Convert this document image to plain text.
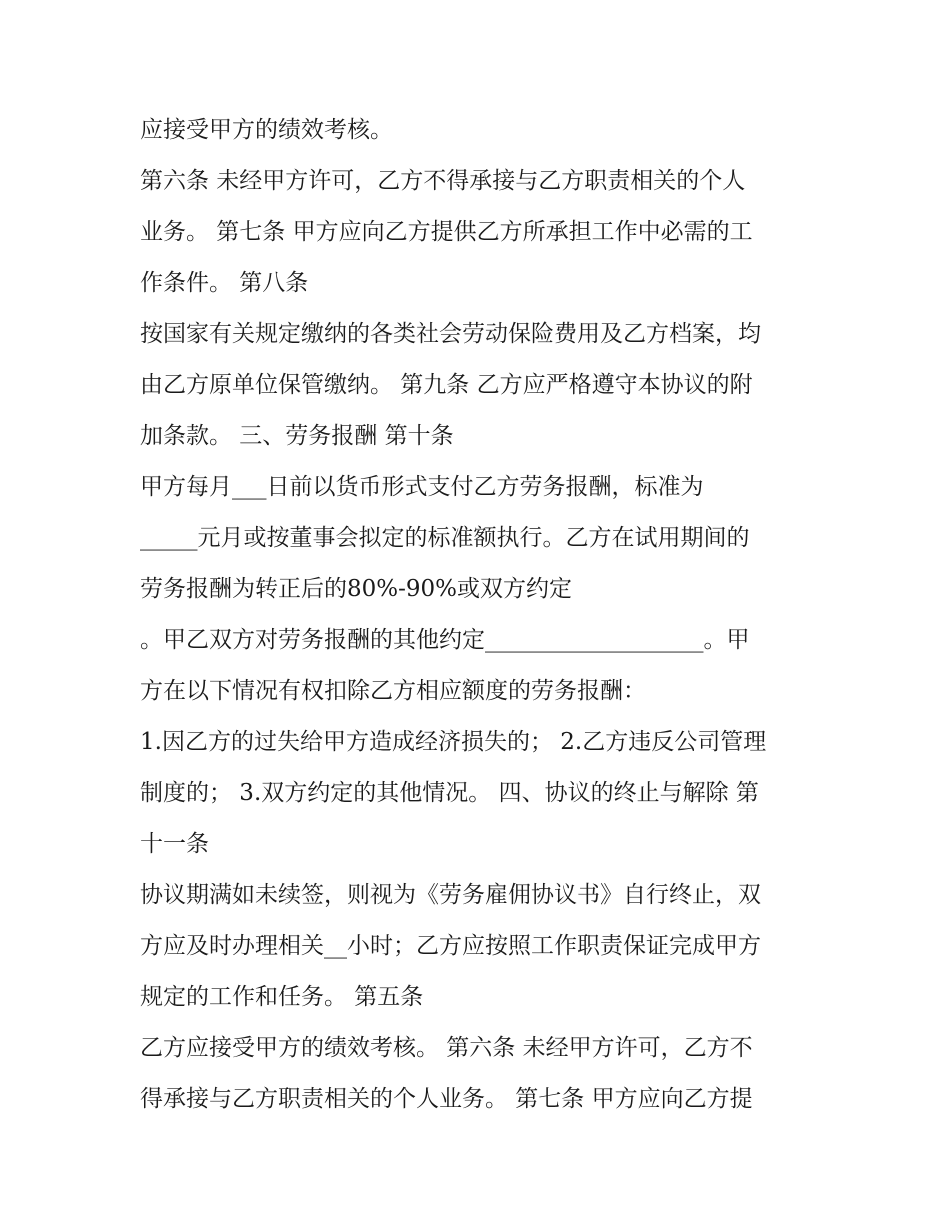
应接受甲方的绩效考核。
第六条 未经甲方许可，乙方不得承接与乙方职责相关的个人
业务。 第七条 甲方应向乙方提供乙方所承担工作中必需的工
作条件。 第八条
按国家有关规定缴纳的各类社会劳动保险费用及乙方档案，均
由乙方原单位保管缴纳。 第九条 乙方应严格遵守本协议的附
加条款。 三、劳务报酬 第十条
甲方每月___日前以货币形式支付乙方劳务报酬，标准为
_____元月或按董事会拟定的标准额执行。乙方在试用期间的
劳务报酬为转正后的80%-90%或双方约定
。甲乙双方对劳务报酬的其他约定___________________。甲
方在以下情况有权扣除乙方相应额度的劳务报酬：
1.因乙方的过失给甲方造成经济损失的； 2.乙方违反公司管理
制度的； 3.双方约定的其他情况。 四、协议的终止与解除 第
十一条
协议期满如未续签，则视为《劳务雇佣协议书》自行终止，双
方应及时办理相关__小时；乙方应按照工作职责保证完成甲方
规定的工作和任务。 第五条
乙方应接受甲方的绩效考核。 第六条 未经甲方许可，乙方不
得承接与乙方职责相关的个人业务。 第七条 甲方应向乙方提
